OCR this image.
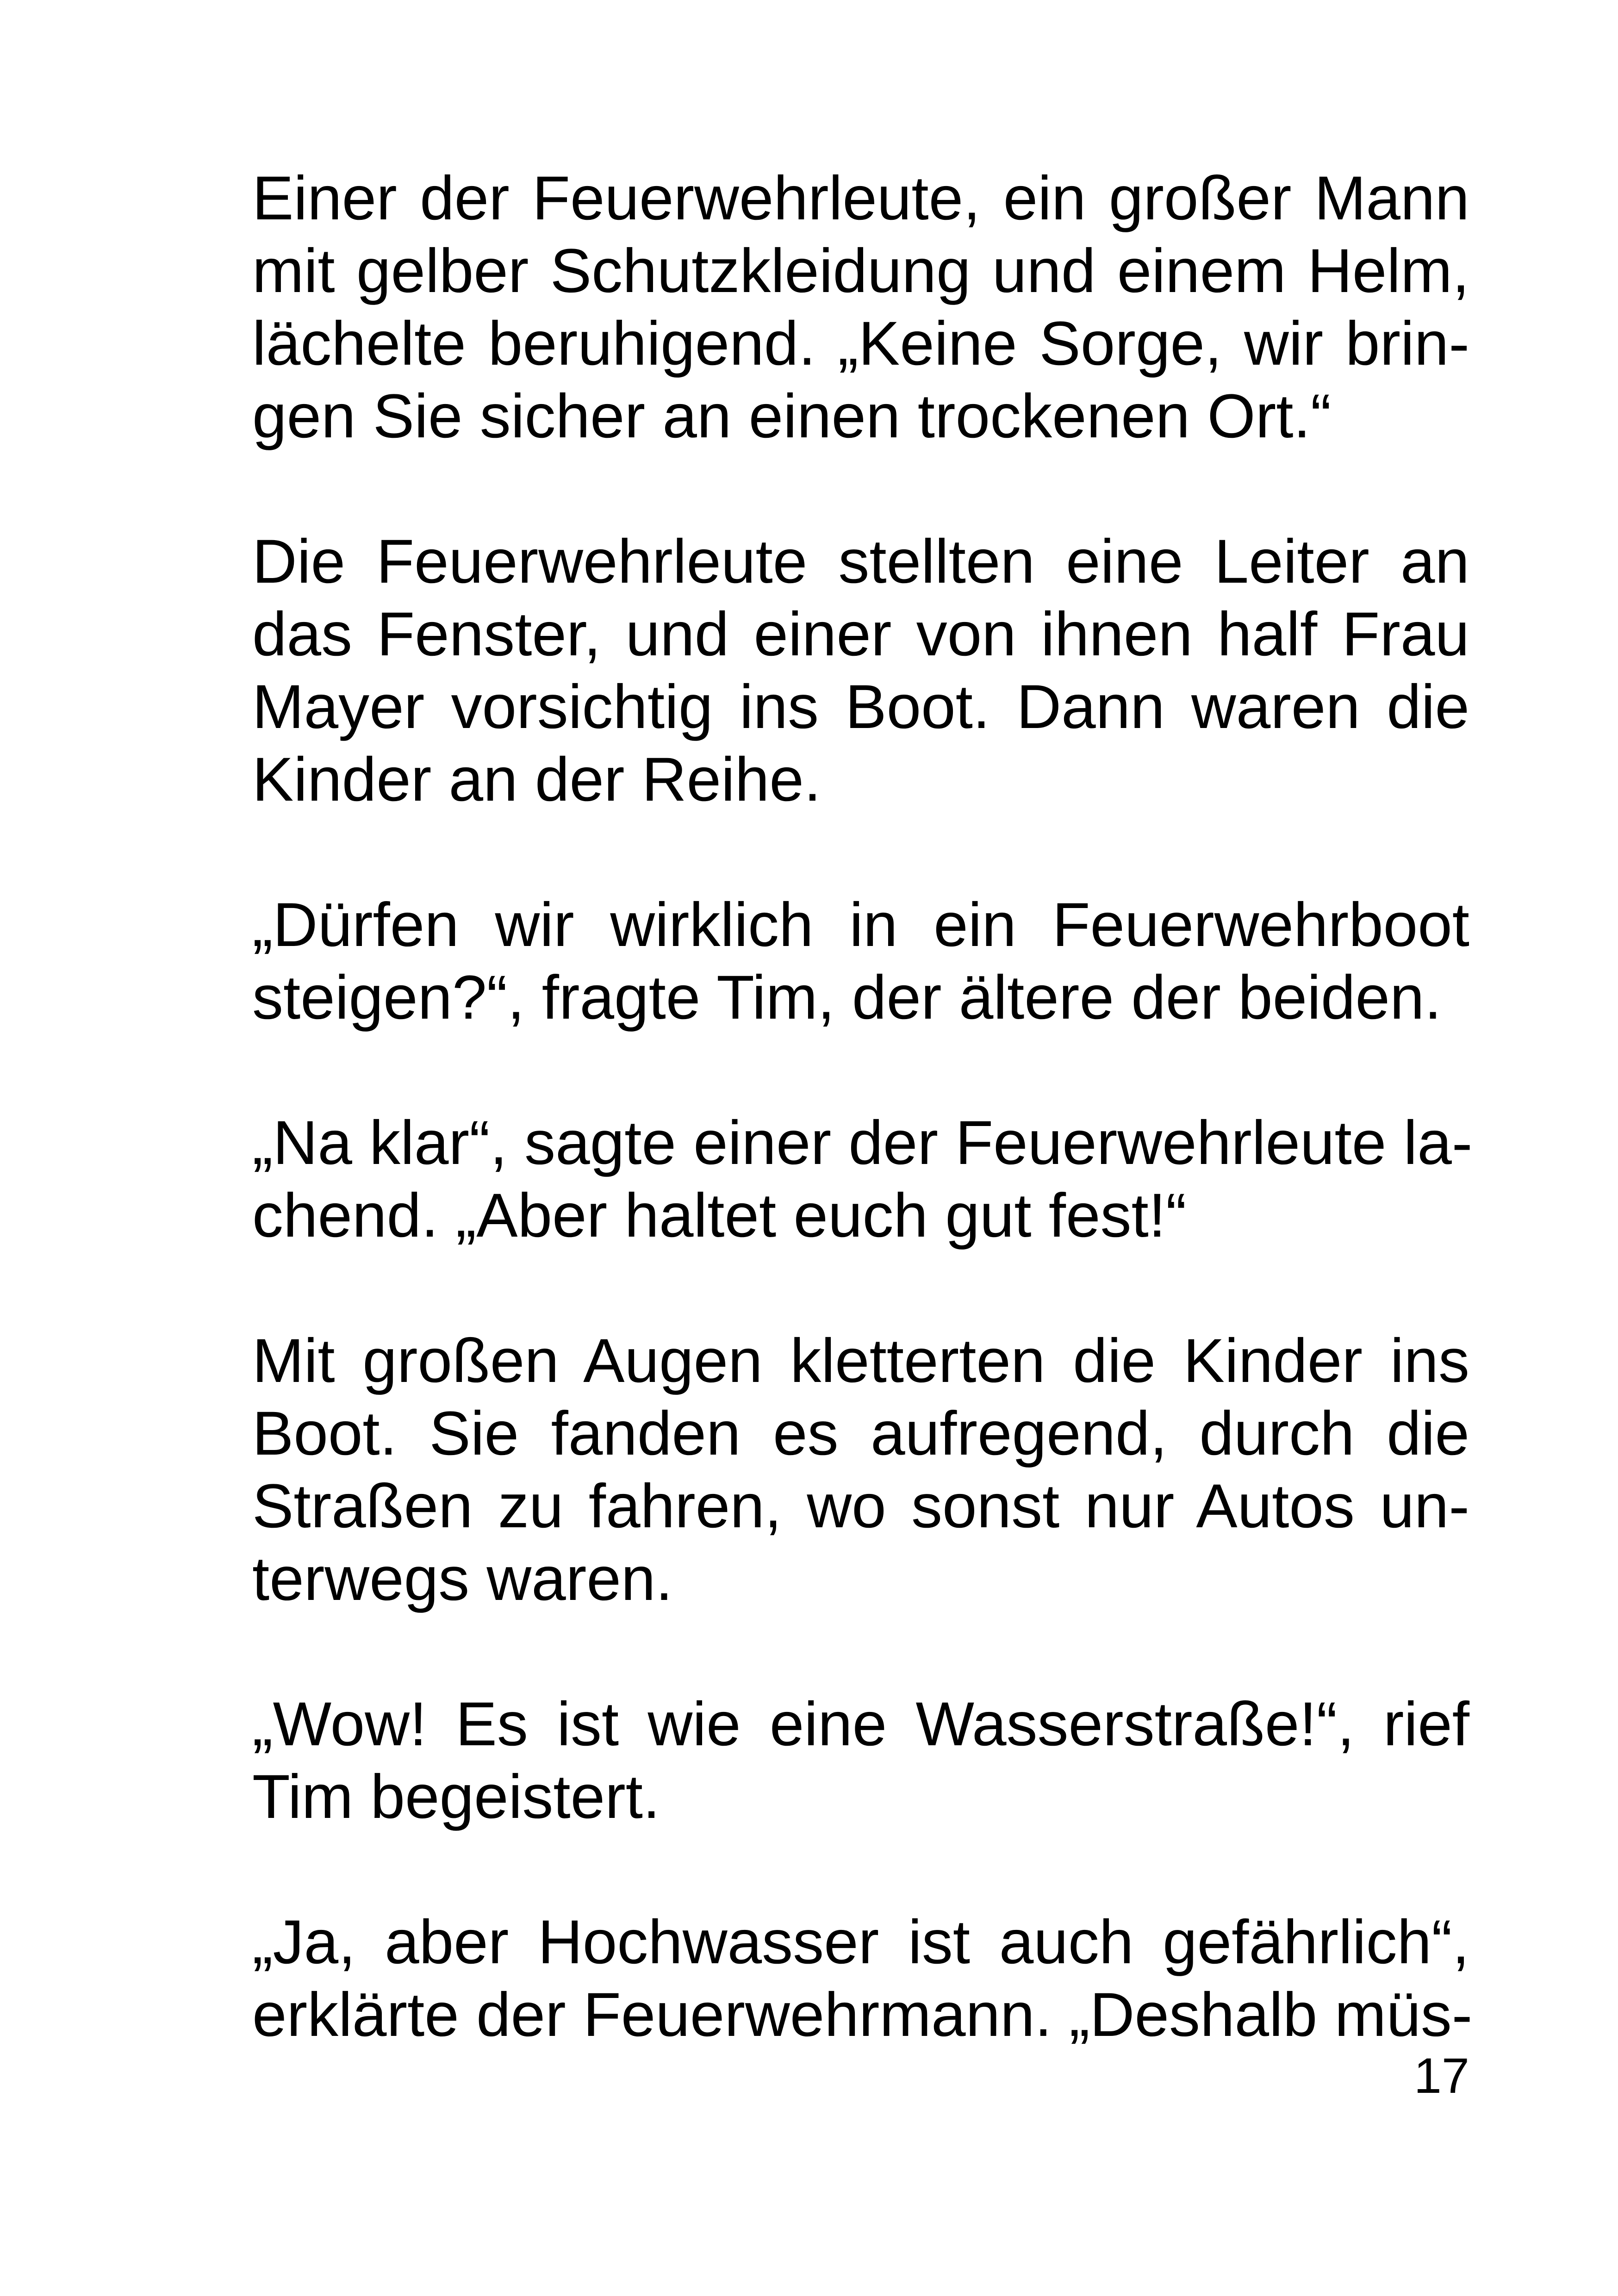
Einer der Feuerwehrleute, ein großer Mann
mit gelber Schutzkleidung und einem Helm,
lächelte beruhigend. „Keine Sorge, wir brin-
gen Sie sicher an einen trockenen Ort.“

Die Feuerwehrleute stellten eine Leiter an
das Fenster, und einer von ihnen half Frau
Mayer vorsichtig ins Boot. Dann waren die
Kinder an der Reihe.

„Dürfen wir wirklich in ein Feuerwehrboot
steigen?“, fragte Tim, der ältere der beiden.

„Na klar“, sagte einer der Feuerwehrleute la-
chend. „Aber haltet euch gut fest!“

Mit großen Augen kletterten die Kinder ins
Boot. Sie fanden es aufregend, durch die
Straßen zu fahren, wo sonst nur Autos un-
terwegs waren.

„Wow! Es ist wie eine Wasserstraße!“, rief
Tim begeistert.

„Ja, aber Hochwasser ist auch gefährlich“,
erklärte der Feuerwehrmann. „Deshalb müs-

17
